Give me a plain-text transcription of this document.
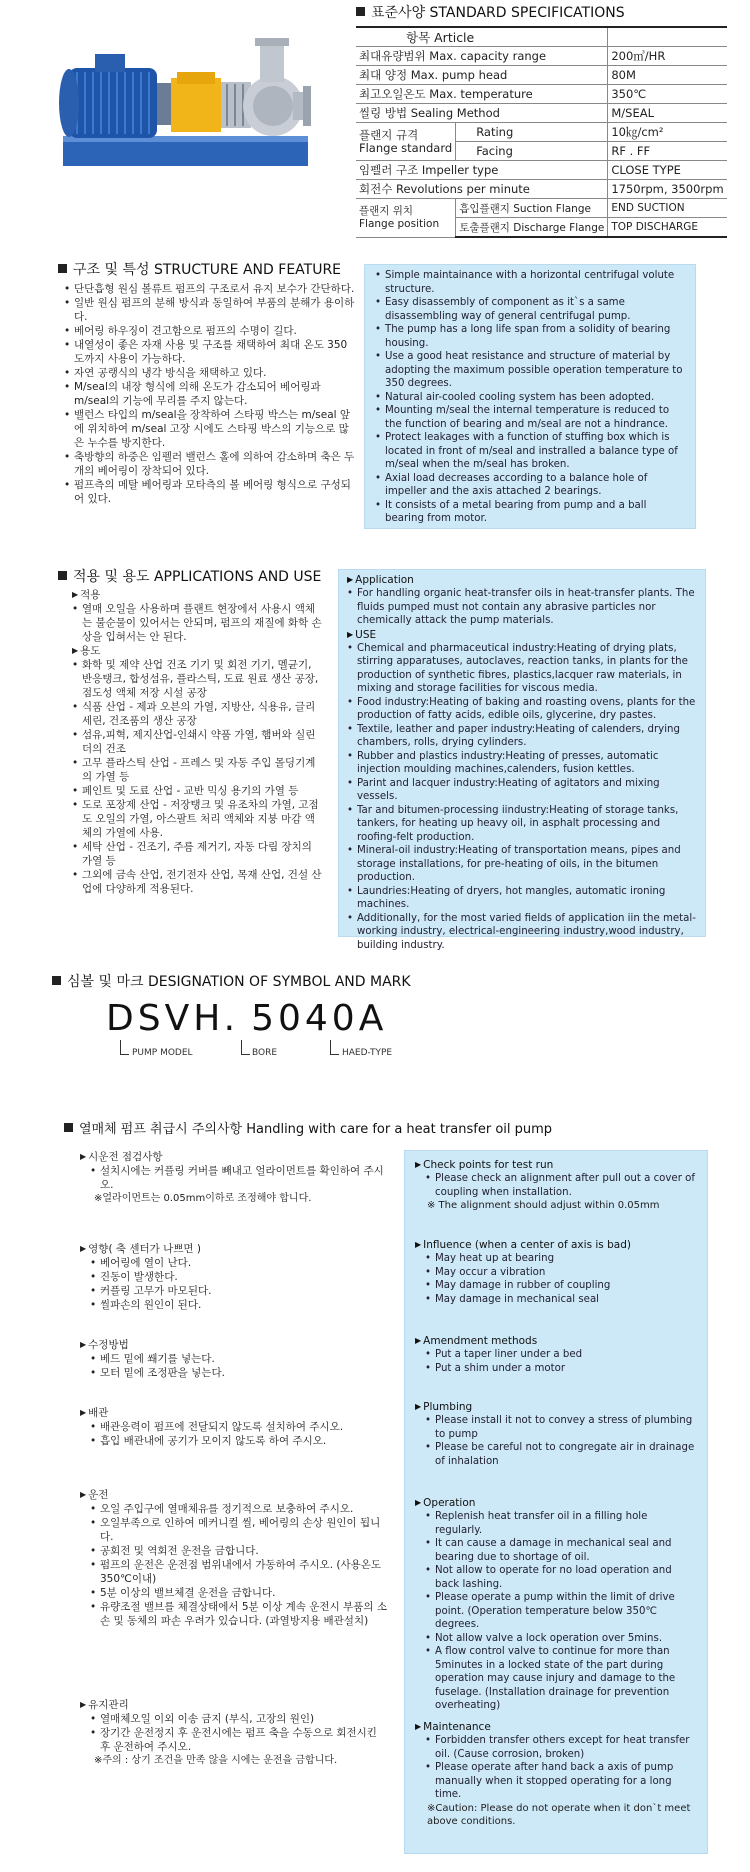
표준사양 STANDARD SPECIFICATIONS
항목 Article		
최대유량범위 Max. capacity range		200㎥/HR
최대 양정 Max. pump head		80M
최고오일온도 Max. temperature		350℃
씰링 방법 Sealing Method		M/SEAL
플랜지 규격
Flange standard	Rating	10㎏/cm²
	Facing	RF . FF
임펠러 구조 Impeller type		CLOSE TYPE
회전수 Revolutions per minute		1750rpm, 3500rpm
플랜지 위치
Flange position	흡입플랜지 Suction Flange	END SUCTION
	토출플랜지 Discharge Flange	TOP DISCHARGE
구조 및 특성 STRUCTURE AND FEATURE
• 단단흡형 원심 볼류트 펌프의 구조로서 유지 보수가 간단하다.
• 일반 원심 펌프의 분해 방식과 동일하여 부품의 분해가 용이하다.
• 베어링 하우징이 견고함으로 펌프의 수명이 길다.
• 내열성이 좋은 자재 사용 및 구조를 채택하여 최대 온도 350도까지 사용이 가능하다.
• 자연 공랭식의 냉각 방식을 채택하고 있다.
• M/seal의 내장 형식에 의해 온도가 감소되어 베어링과 m/seal의 기능에 무리를 주지 않는다.
• 밸런스 타입의 m/seal을 장착하여 스타핑 박스는 m/seal 앞에 위치하여 m/seal 고장 시에도 스타핑 박스의 기능으로 많은 누수를 방지한다.
• 축방향의 하중은 임펠러 밸런스 홀에 의하여 감소하며 축은 두 개의 베어링이 장착되어 있다.
• 펌프측의 메탈 베어링과 모타측의 볼 베어링 형식으로 구성되어 있다.
• Simple maintainance with a horizontal centrifugal volute structure.
• Easy disassembly of component as it`s a same disassembling way of general centrifugal pump.
• The pump has a long life span from a solidity of bearing housing.
• Use a good heat resistance and structure of material by adopting the maximum possible operation temperature to 350 degrees.
• Natural air-cooled cooling system has been adopted.
• Mounting m/seal the internal temperature is reduced to the function of bearing and m/seal are not a hindrance.
• Protect leakages with a function of stuffing box which is located in front of m/seal and instralled a balance type of m/seal when the m/seal has broken.
• Axial load decreases according to a balance hole of impeller and the axis attached 2 bearings.
• It consists of a metal bearing from pump and a ball bearing from motor.
적용 및 용도 APPLICATIONS AND USE
▶ 적용
• 열매 오일을 사용하며 플랜트 현장에서 사용시 액체는 불순물이 있어서는 안되며, 펌프의 재질에 화학 손상을 입혀서는 안 된다.
▶ 용도
• 화학 및 제약 산업 건조 기기 및 회전 기기, 멜균기, 반응탱크, 합성섬유, 플라스틱, 도료 원료 생산 공장, 점도성 액체 저장 시설 공장
• 식품 산업 - 제과 오븐의 가열, 지방산, 식용유, 글리세린, 건조품의 생산 공장
• 섬유,피혁, 제지산업-인쇄시 약품 가열, 햄버와 실린더의 건조
• 고무 플라스틱 산업 - 프레스 및 자동 주입 몰딩기계의 가열 등
• 페인트 및 도료 산업 - 교반 믹싱 용기의 가열 등
• 도로 포장제 산업 - 저장탱크 및 유조차의 가열, 고점도 오일의 가열, 아스팔트 처리 액체와 지붕 마감 액체의 가열에 사용.
• 세탁 산업 - 건조기, 주름 제거기, 자동 다림 장치의 가열 등
• 그외에 금속 산업, 전기전자 산업, 목재 산업, 건설 산업에 다양하게 적용된다.
▶ Application
• For handling organic heat-transfer oils in heat-transfer plants. The fluids pumped must not contain any abrasive particles nor chemically attack the pump materials.
▶ USE
• Chemical and pharmaceutical industry:Heating of drying plats, stirring apparatuses, autoclaves, reaction tanks, in plants for the production of synthetic fibres, plastics,lacquer raw materials, in mixing and storage facilities for viscous media.
• Food industry:Heating of baking and roasting ovens, plants for the production of fatty acids, edible oils, glycerine, dry pastes.
• Textile, leather and paper industry:Heating of calenders, drying chambers, rolls, drying cylinders.
• Rubber and plastics industry:Heating of presses, automatic injection moulding machines,calenders, fusion kettles.
• Parint and lacquer industry:Heating of agitators and mixing vessels.
• Tar and bitumen-processing iindustry:Heating of storage tanks, tankers, for heating up heavy oil, in asphalt processing and roofing-felt production.
• Mineral-oil industry:Heating of transportation means, pipes and storage installations, for pre-heating of oils, in the bitumen production.
• Laundries:Heating of dryers, hot mangles, automatic ironing machines.
• Additionally, for the most varied fields of application iin the metal-working industry, electrical-engineering industry,wood industry, building industry.
심볼 및 마크 DESIGNATION OF SYMBOL AND MARK
DSVH. 5040A
PUMP MODEL	BORE	HAED-TYPE
열매체 펌프 취급시 주의사항 Handling with care for a heat transfer oil pump
▶ 시운전 점검사항
• 설치시에는 커플링 커버를 빼내고 얼라이먼트를 확인하여 주시오.
※얼라이먼트는 0.05mm이하로 조정해야 합니다.
▶ 영향( 축 센터가 나쁘면 )
• 베어링에 열이 난다.
• 진동이 발생한다.
• 커플링 고무가 마모된다.
• 씰파손의 원인이 된다.
▶ 수정방법
• 베드 밑에 쐐기를 넣는다.
• 모터 밑에 조정판을 넣는다.
▶ 배관
• 배관응력이 펌프에 전달되지 않도록 설치하여 주시오.
• 흡입 배관내에 공기가 모이지 않도록 하여 주시오.
▶ 운전
• 오일 주입구에 열매체유를 정기적으로 보충하여 주시오.
• 오일부족으로 인하여 메커니컬 씰, 베어링의 손상 원인이 됩니다.
• 공회전 및 역회전 운전을 금합니다.
• 펌프의 운전은 운전점 범위내에서 가동하여 주시오. (사용온도 350℃이내)
• 5분 이상의 밸브체결 운전을 금합니다.
• 유량조절 밸브를 체결상태에서 5분 이상 계속 운전시 부품의 소손 및 동체의 파손 우려가 있습니다. (과열방지용 배관설치)
▶ 유지관리
• 열매체오일 이외 이송 금지 (부식, 고장의 원인)
• 장기간 운전정지 후 운전시에는 펌프 축을 수동으로 회전시킨 후 운전하여 주시오.
※주의 : 상기 조건을 만족 않을 시에는 운전을 금합니다.
▶ Check points for test run
• Please check an alignment after pull out a cover of coupling when installation.
※ The alignment should adjust within 0.05mm
▶ Influence (when a center of axis is bad)
• May heat up at bearing
• May occur a vibration
• May damage in rubber of coupling
• May damage in mechanical seal
▶ Amendment methods
• Put a taper liner under a bed
• Put a shim under a motor
▶ Plumbing
• Please install it not to convey a stress of plumbing to pump
• Please be careful not to congregate air in drainage of inhalation
▶ Operation
• Replenish heat transfer oil in a filling hole regularly.
• It can cause a damage in mechanical seal and bearing due to shortage of oil.
• Not allow to operate for no load operation and back lashing.
• Please operate a pump within the limit of drive point. (Operation temperature below 350℃ degrees.
• Not allow valve a lock operation over 5mins.
• A flow control valve to continue for more than 5minutes in a locked state of the part during operation may cause injury and damage to the fuselage. (Installation drainage for prevention overheating)
▶ Maintenance
• Forbidden transfer others except for heat transfer oil. (Cause corrosion, broken)
• Please operate after hand back a axis of pump manually when it stopped operating for a long time.
※Caution: Please do not operate when it don`t meet above conditions.
